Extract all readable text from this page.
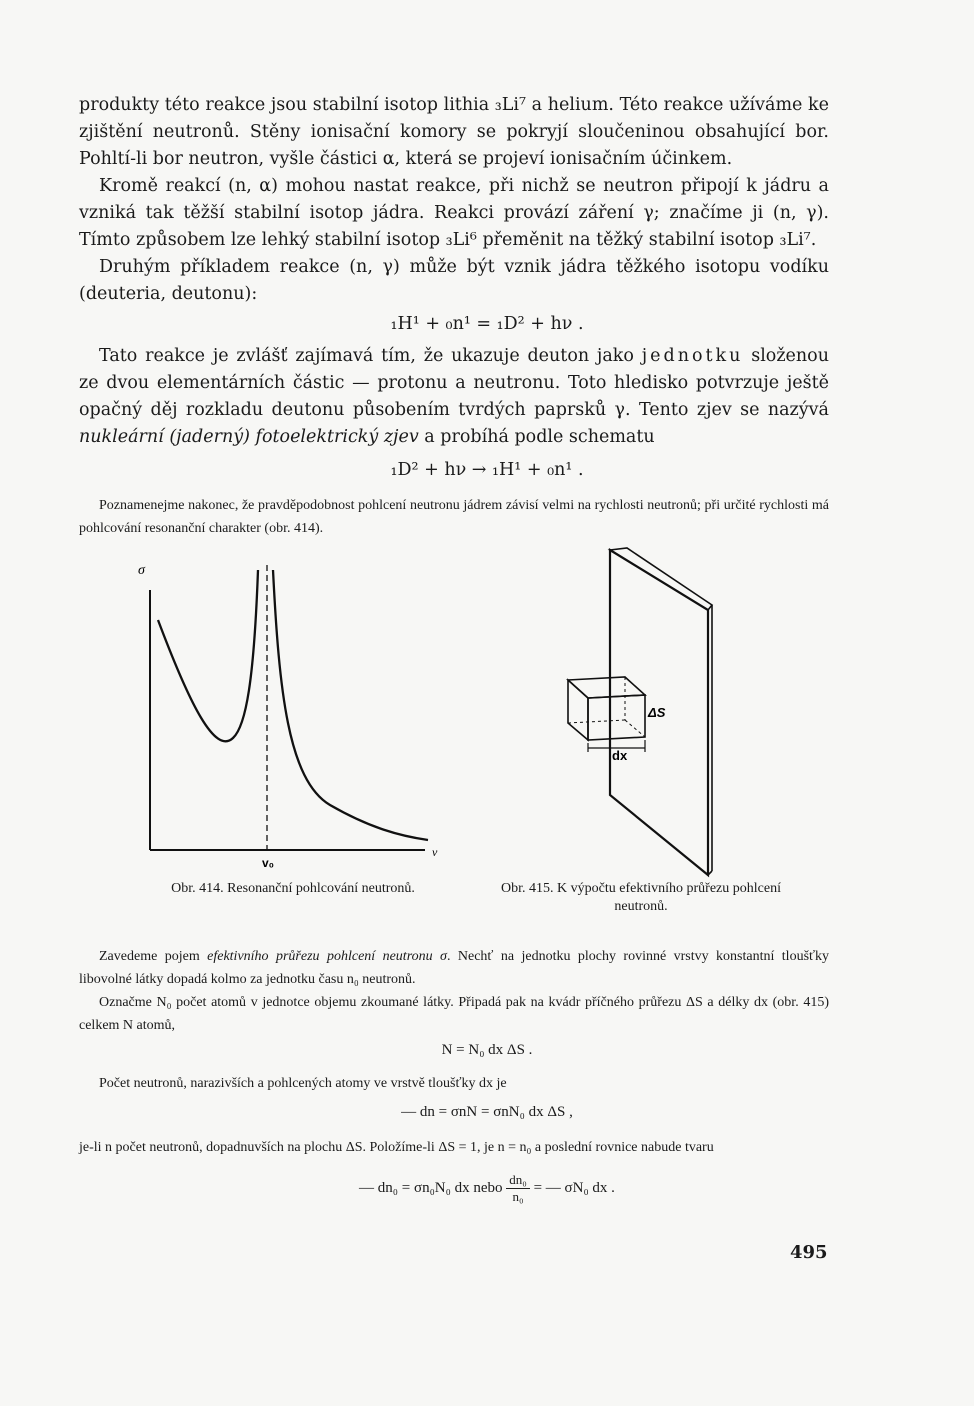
produkty této reakce jsou stabilní isotop lithia ₃Li⁷ a helium. Této reakce užíváme ke zjištění neutronů. Stěny ionisační komory se pokryjí sloučeninou obsahující bor. Pohltí-li bor neutron, vyšle částici α, která se projeví ionisačním účinkem.
Kromě reakcí (n, α) mohou nastat reakce, při nichž se neutron připojí k jádru a vzniká tak těžší stabilní isotop jádra. Reakci provází záření γ; značíme ji (n, γ). Tímto způsobem lze lehký stabilní isotop ₃Li⁶ přeměnit na těžký stabilní isotop ₃Li⁷.
Druhým příkladem reakce (n, γ) může být vznik jádra těžkého isotopu vodíku (deuteria, deutonu):
₁H¹ + ₀n¹ = ₁D² + hν .
Tato reakce je zvlášť zajímavá tím, že ukazuje deuton jako jednotku složenou ze dvou elementárních částic — protonu a neutronu. Toto hledisko potvrzuje ještě opačný děj rozkladu deutonu působením tvrdých paprsků γ. Tento zjev se nazývá nukleární (jaderný) fotoelektrický zjev a probíhá podle schematu
₁D² + hν → ₁H¹ + ₀n¹ .
Poznamenejme nakonec, že pravděpodobnost pohlcení neutronu jádrem závisí velmi na rychlosti neutronů; při určité rychlosti má pohlcování resonanční charakter (obr. 414).
σ
v
v₀
Obr. 414. Resonanční pohlcování neutronů.
ΔS
dx
Obr. 415. K výpočtu efektivního průřezu pohlcení neutronů.
Zavedeme pojem efektivního průřezu pohlcení neutronu σ. Nechť na jednotku plochy rovinné vrstvy konstantní tloušťky libovolné látky dopadá kolmo za jednotku času n₀ neutronů.
Označme N₀ počet atomů v jednotce objemu zkoumané látky. Připadá pak na kvádr příčného průřezu ΔS a délky dx (obr. 415) celkem N atomů,
N = N₀ dx ΔS .
Počet neutronů, narazivších a pohlcených atomy ve vrstvě tloušťky dx je
— dn = σnN = σnN₀ dx ΔS ,
je-li n počet neutronů, dopadnuvších na plochu ΔS. Položíme-li ΔS = 1, je n = n₀ a poslední rovnice nabude tvaru
— dn₀ = σn₀N₀ dx nebo $\frac{\text{dn₀}}{\text{n₀}}$ = — σN₀ dx .
495
